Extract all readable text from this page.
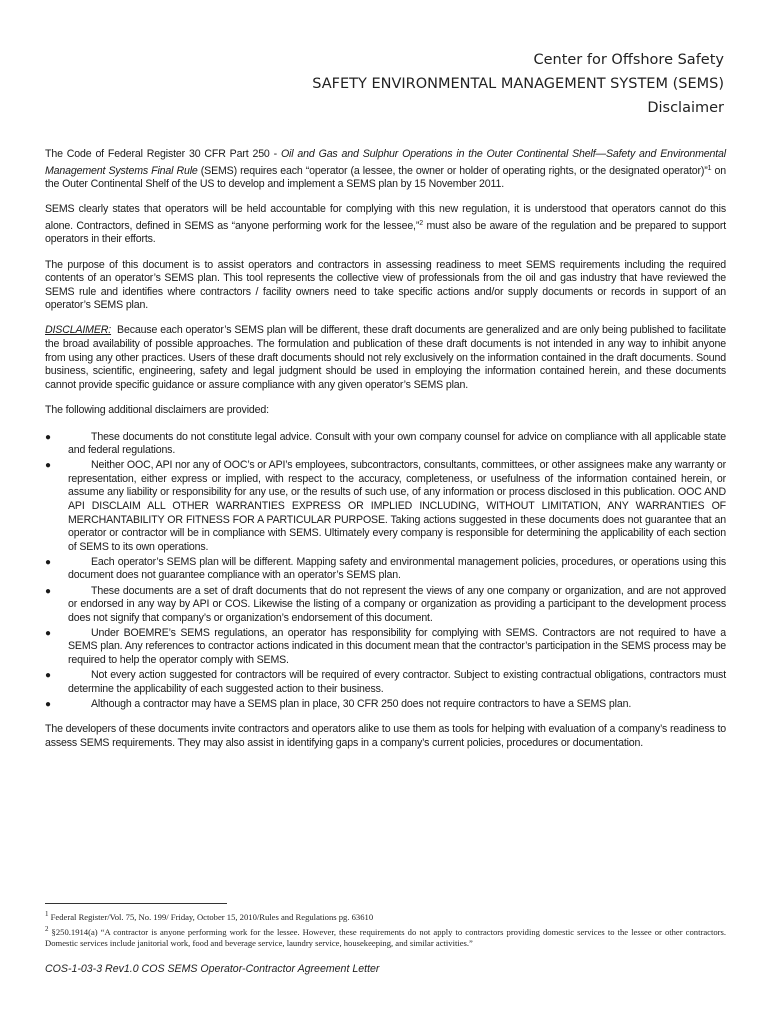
Center for Offshore Safety
SAFETY ENVIRONMENTAL MANAGEMENT SYSTEM (SEMS)
Disclaimer

The Code of Federal Register 30 CFR Part 250 - Oil and Gas and Sulphur Operations in the Outer Continental Shelf—Safety and Environmental Management Systems Final Rule (SEMS) requires each “operator (a lessee, the owner or holder of operating rights, or the designated operator)”$^1$ on the Outer Continental Shelf of the US to develop and implement a SEMS plan by 15 November 2011.

SEMS clearly states that operators will be held accountable for complying with this new regulation, it is understood that operators cannot do this alone. Contractors, defined in SEMS as “anyone performing work for the lessee,”$^2$ must also be aware of the regulation and be prepared to support operators in their efforts.

The purpose of this document is to assist operators and contractors in assessing readiness to meet SEMS requirements including the required contents of an operator’s SEMS plan. This tool represents the collective view of professionals from the oil and gas industry that have reviewed the SEMS rule and identifies where contractors / facility owners need to take specific actions and/or supply documents or records in support of an operator’s SEMS plan.

DISCLAIMER: Because each operator’s SEMS plan will be different, these draft documents are generalized and are only being published to facilitate the broad availability of possible approaches. The formulation and publication of these draft documents is not intended in any way to inhibit anyone from using any other practices. Users of these draft documents should not rely exclusively on the information contained in the draft documents. Sound business, scientific, engineering, safety and legal judgment should be used in employing the information contained herein, and these documents cannot provide specific guidance or assure compliance with any given operator’s SEMS plan.

The following additional disclaimers are provided:

●	These documents do not constitute legal advice. Consult with your own company counsel for advice on compliance with all applicable state and federal regulations.
●	Neither OOC, API nor any of OOC’s or API’s employees, subcontractors, consultants, committees, or other assignees make any warranty or representation, either express or implied, with respect to the accuracy, completeness, or usefulness of the information contained herein, or assume any liability or responsibility for any use, or the results of such use, of any information or process disclosed in this publication. OOC AND API DISCLAIM ALL OTHER WARRANTIES EXPRESS OR IMPLIED INCLUDING, WITHOUT LIMITATION, ANY WARRANTIES OF MERCHANTABILITY OR FITNESS FOR A PARTICULAR PURPOSE. Taking actions suggested in these documents does not guarantee that an operator or contractor will be in compliance with SEMS. Ultimately every company is responsible for determining the applicability of each section of SEMS to its own operations.
●	Each operator’s SEMS plan will be different. Mapping safety and environmental management policies, procedures, or operations using this document does not guarantee compliance with an operator’s SEMS plan.
●	These documents are a set of draft documents that do not represent the views of any one company or organization, and are not approved or endorsed in any way by API or COS. Likewise the listing of a company or organization as providing a participant to the development process does not signify that company’s or organization’s endorsement of this document.
●	Under BOEMRE’s SEMS regulations, an operator has responsibility for complying with SEMS. Contractors are not required to have a SEMS plan. Any references to contractor actions indicated in this document mean that the contractor’s participation in the SEMS process may be required to help the operator comply with SEMS.
●	Not every action suggested for contractors will be required of every contractor. Subject to existing contractual obligations, contractors must determine the applicability of each suggested action to their business.
●	Although a contractor may have a SEMS plan in place, 30 CFR 250 does not require contractors to have a SEMS plan.

The developers of these documents invite contractors and operators alike to use them as tools for helping with evaluation of a company’s readiness to assess SEMS requirements. They may also assist in identifying gaps in a company’s current policies, procedures or documentation.

$^1$ Federal Register/Vol. 75, No. 199/ Friday, October 15, 2010/Rules and Regulations pg. 63610

$^2$ §250.1914(a) “A contractor is anyone performing work for the lessee. However, these requirements do not apply to contractors providing domestic services to the lessee or other contractors. Domestic services include janitorial work, food and beverage service, laundry service, housekeeping, and similar activities.”

COS-1-03-3 Rev1.0 COS SEMS Operator-Contractor Agreement Letter
